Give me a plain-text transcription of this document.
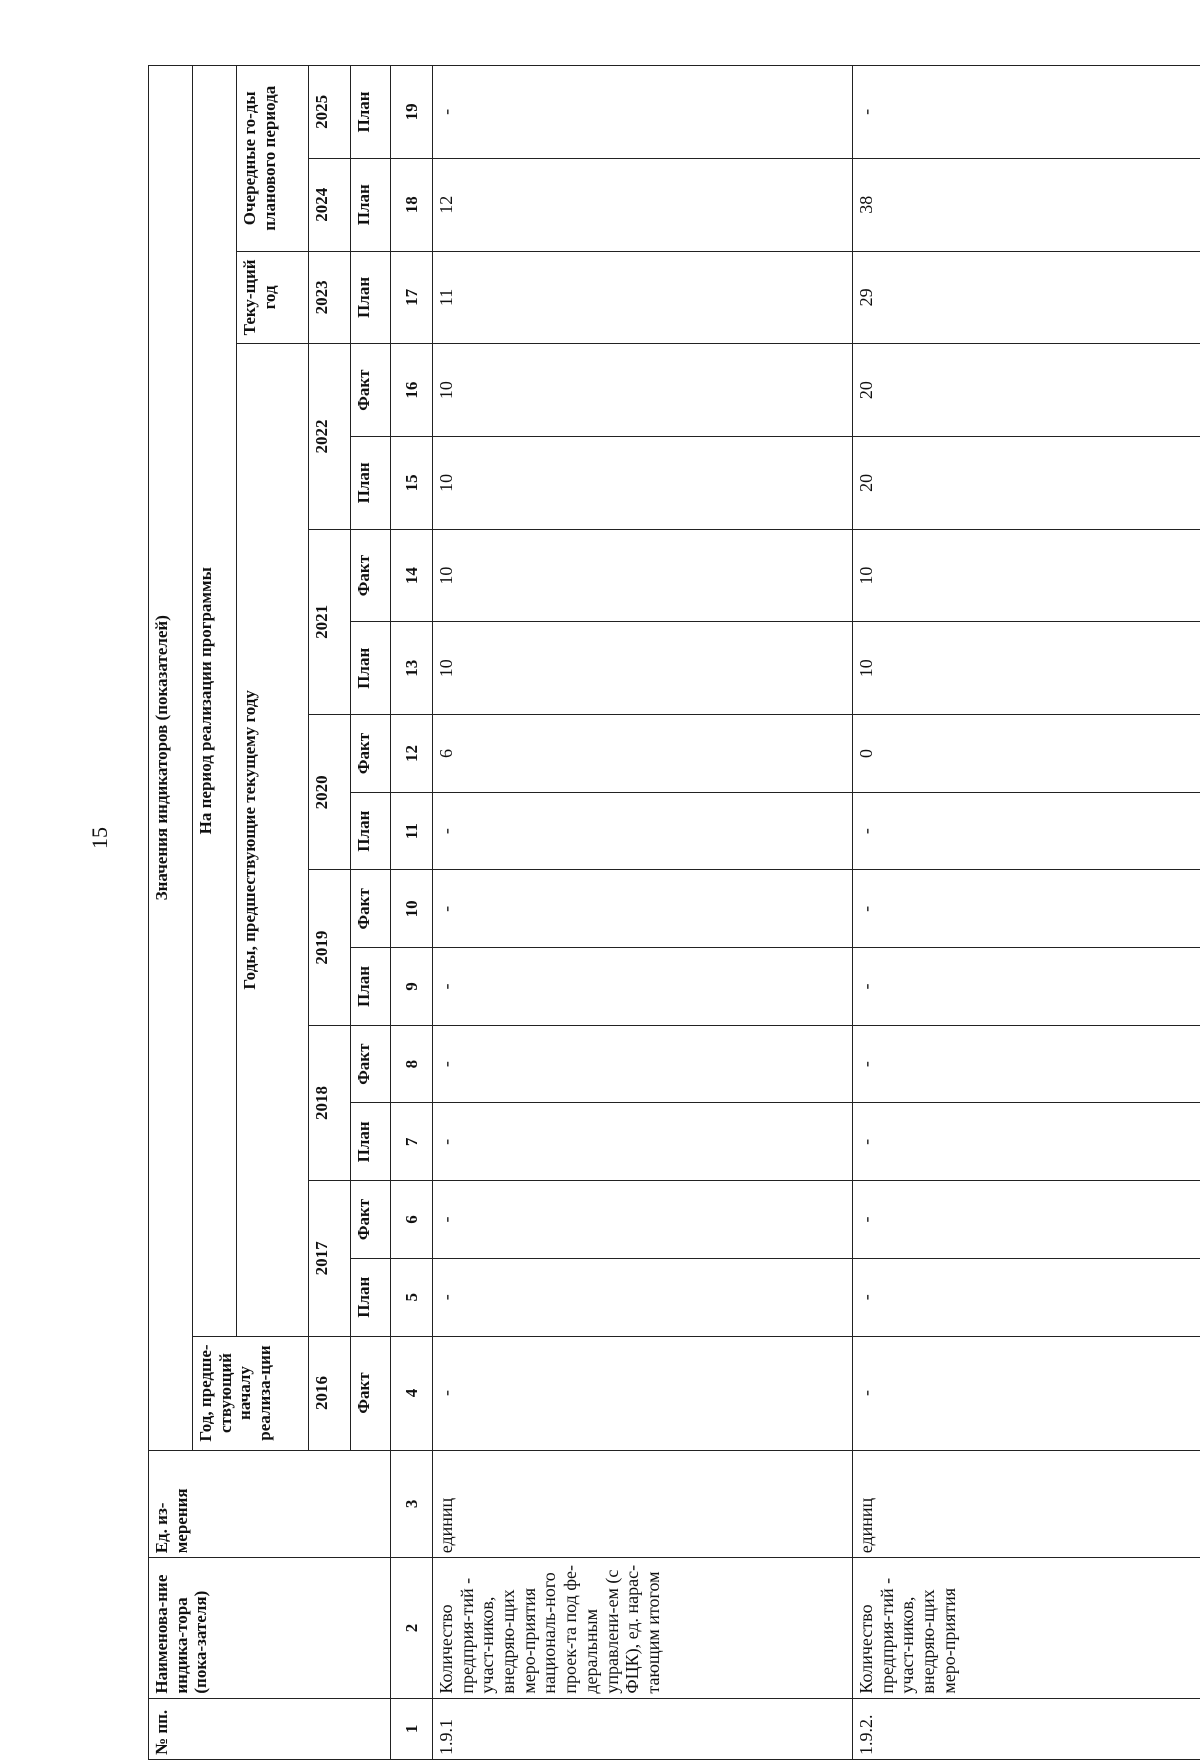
15
№ пп.	Наименова-ние индика-тора (пока-зателя)	Ед. из-мерения	Значения индикаторов (показателей)															
			Год, предше-ствующий началу реализа-ции	На период реализации программы														
				Годы, предшествующие текущему году												Теку-щий год	Очередные го-ды планового периода	
			2016	2017		2018		2019		2020		2021		2022		2023	2024	2025
			Факт	План	Факт	План	Факт	План	Факт	План	Факт	План	Факт	План	Факт	План	План	План
1	2	3	4	5	6	7	8	9	10	11	12	13	14	15	16	17	18	19
1.9.1	Количество предприя-тий - участ-ников, внедряю-щих меро-приятия националь-ного проек-та под фе-деральным управлени-ем (с ФЦК), ед. нарас-тающим итогом	единиц	-	-	-	-	-	-	-	-	6	10	10	10	10	11	12	-
1.9.2.	Количество предприя-тий - участ-ников, внедряю-щих меро-приятия	единиц	-	-	-	-	-	-	-	-	0	10	10	20	20	29	38	-
